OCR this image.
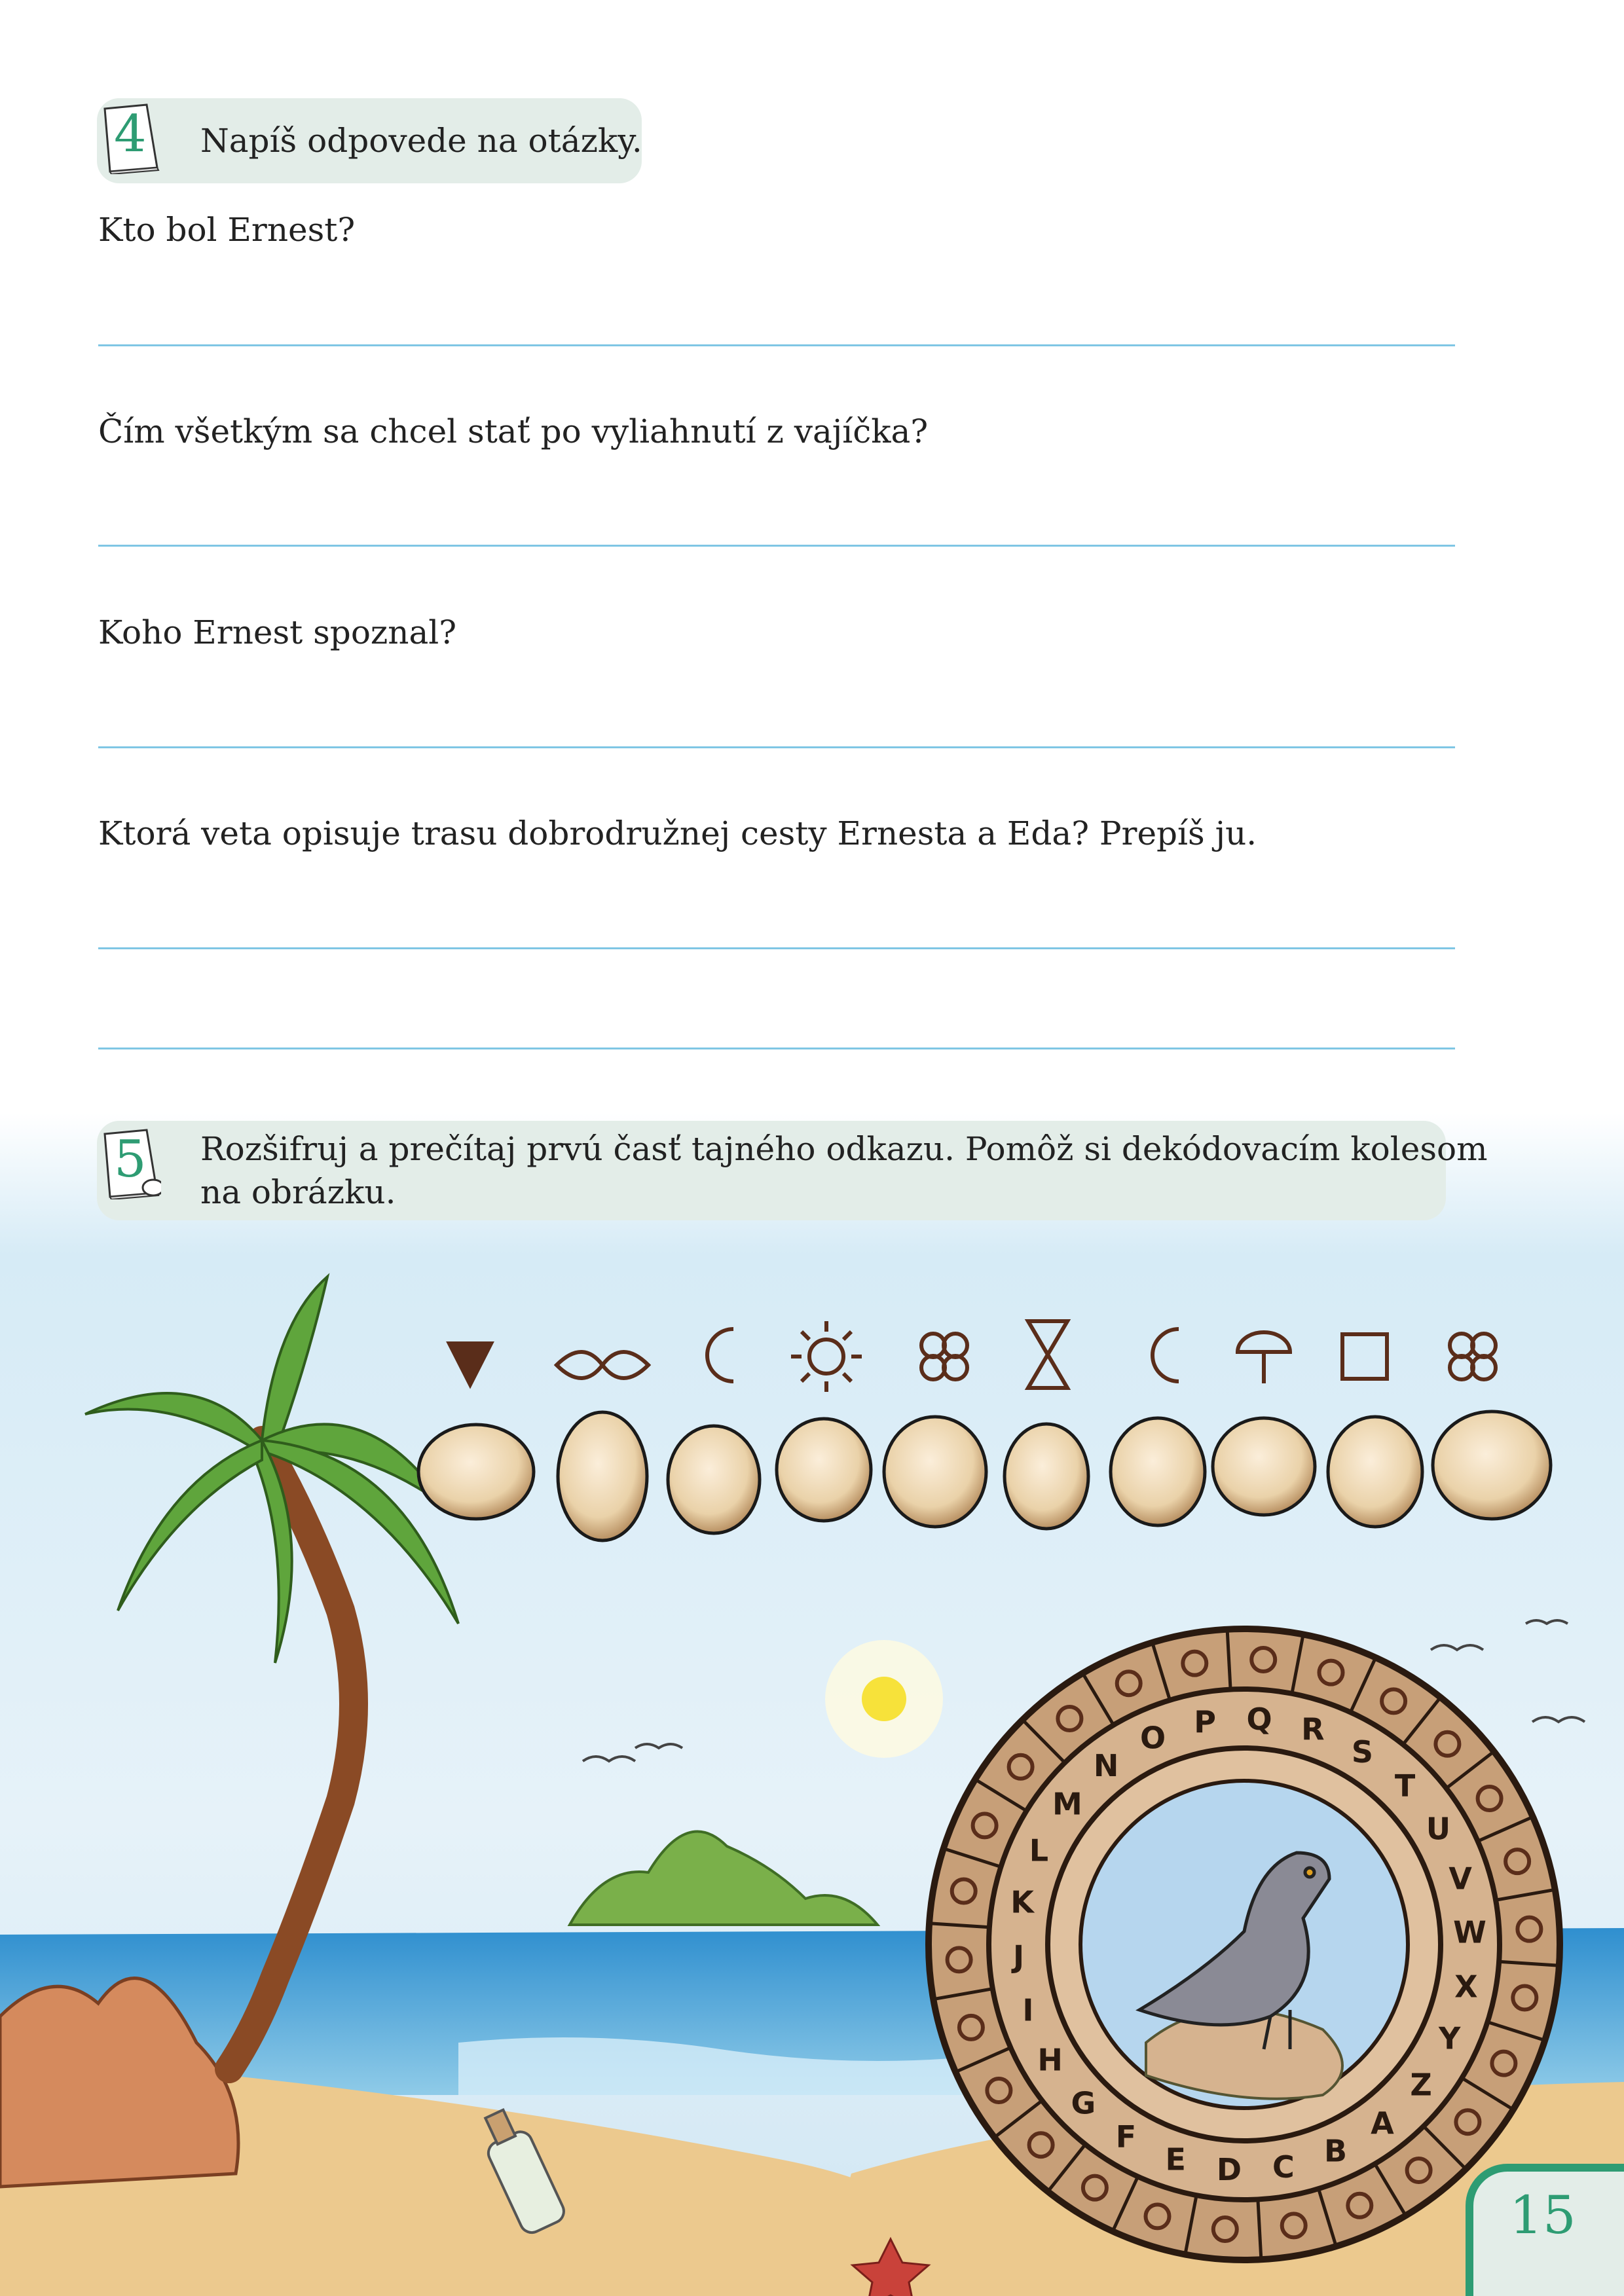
4 Napíš odpovede na otázky.
Kto bol Ernest?
Čím všetkým sa chcel stať po vyliahnutí z vajíčka?
Koho Ernest spoznal?
Ktorá veta opisuje trasu dobrodružnej cesty Ernesta a Eda? Prepíš ju.
P Q R
S
T
U
V
W
X
Y
Z
A
B
C
D
E
F
G
H
I
J
K
L
M
N
O
5 Rozšifruj a prečítaj prvú časť tajného odkazu. Pomôž si dekódovacím kolesom
na obrázku.
15
